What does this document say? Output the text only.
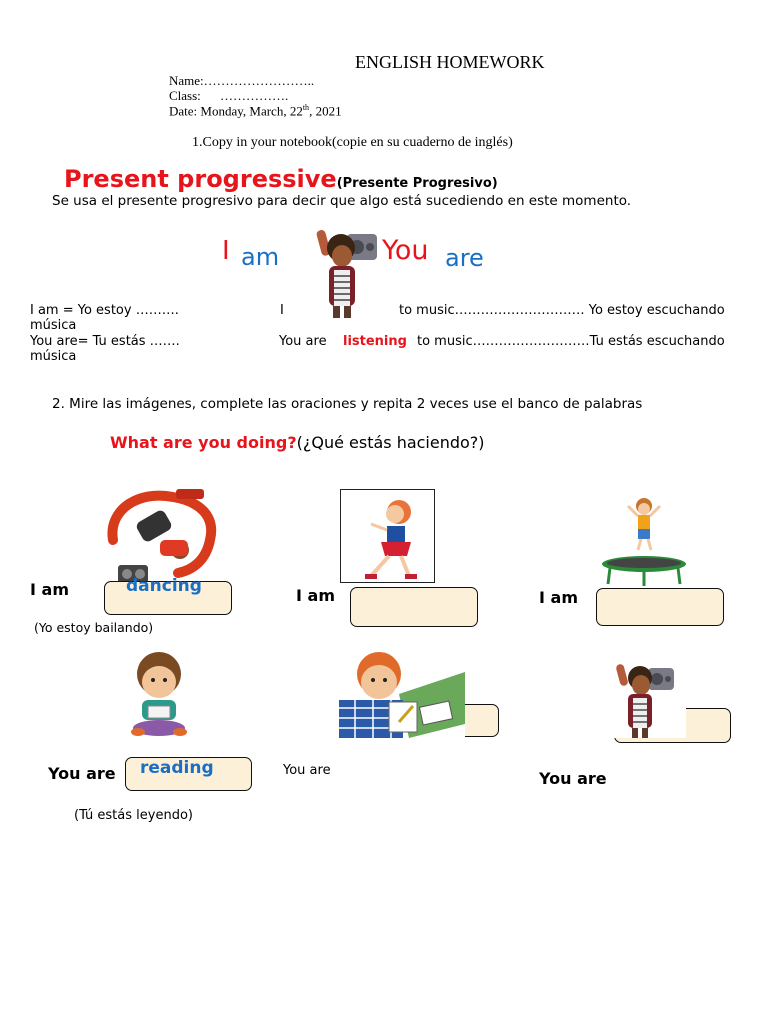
ENGLISH HOMEWORK
Name:……………………..
Class: …………….
Date: Monday, March, 22th, 2021
1.Copy in your notebook(copie en su cuaderno de inglés)
Present progressive(Presente Progresivo)
Se usa el presente progresivo para decir que algo está sucediendo en este momento.
I am	You are
I am = Yo estoy ……….	I	to music………………………… Yo estoy escuchando
música
You are= Tu estás …….	You are listening to music………………………Tu estás escuchando
música
2. Mire las imágenes, complete las oraciones y repita 2 veces use el banco de palabras
What are you doing?(¿Qué estás haciendo?)
I am	dancing
(Yo estoy bailando)
I am	I am
You are reading
(Tú estás leyendo)
You are	You are
